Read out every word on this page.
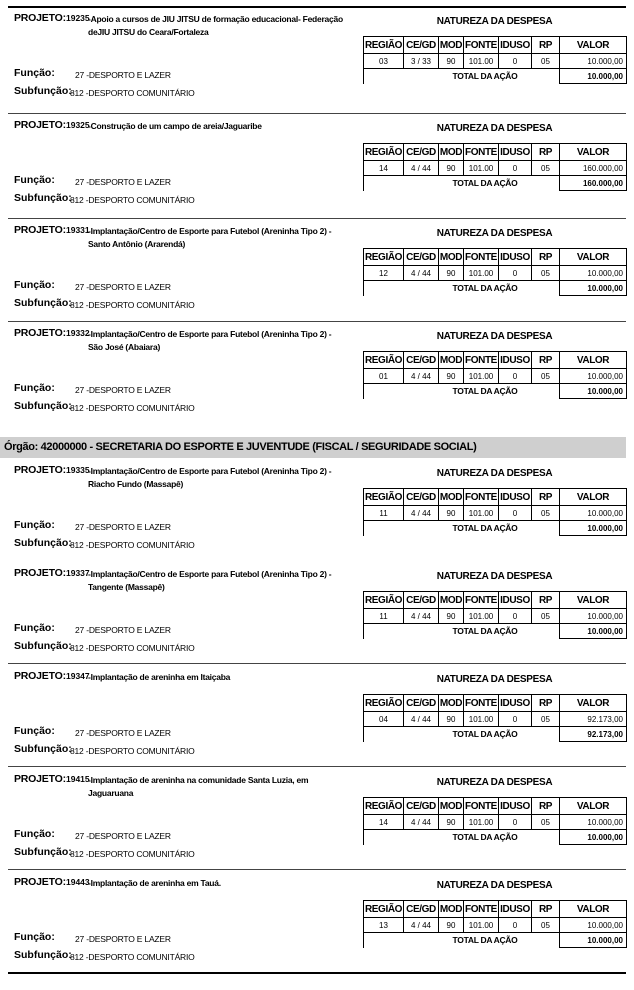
PROJETO: 19235
-Apoio a cursos de JIU JITSU de formação educacional- Federação deJIU JITSU do Ceara/Fortaleza
Função: 27 -DESPORTO E LAZER
Subfunção:
812 -DESPORTO COMUNITÁRIO
NATUREZA DA DESPESA
REGIÃO	CE/GD	MOD	FONTE	IDUSO	RP	VALOR
03	3 / 33	90	101.00	0	05	10.000,00
		TOTAL DA AÇÃO				10.000,00
PROJETO: 19325
-Construção de um campo de areia/Jaguaribe
Função: 27 -DESPORTO E LAZER
Subfunção:
812 -DESPORTO COMUNITÁRIO
NATUREZA DA DESPESA
REGIÃO	CE/GD	MOD	FONTE	IDUSO	RP	VALOR
14	4 / 44	90	101.00	0	05	160.000,00
		TOTAL DA AÇÃO				160.000,00
PROJETO: 19331
-Implantação/Centro de Esporte para Futebol (Areninha Tipo 2) - Santo Antônio (Ararendá)
Função: 27 -DESPORTO E LAZER
Subfunção:
812 -DESPORTO COMUNITÁRIO
NATUREZA DA DESPESA
REGIÃO	CE/GD	MOD	FONTE	IDUSO	RP	VALOR
12	4 / 44	90	101.00	0	05	10.000,00
		TOTAL DA AÇÃO				10.000,00
PROJETO: 19332
-Implantação/Centro de Esporte para Futebol (Areninha Tipo 2) - São José (Abaiara)
Função: 27 -DESPORTO E LAZER
Subfunção:
812 -DESPORTO COMUNITÁRIO
NATUREZA DA DESPESA
REGIÃO	CE/GD	MOD	FONTE	IDUSO	RP	VALOR
01	4 / 44	90	101.00	0	05	10.000,00
		TOTAL DA AÇÃO				10.000,00
PROJETO: 19335
-Implantação/Centro de Esporte para Futebol (Areninha Tipo 2) - Riacho Fundo (Massapê)
Função: 27 -DESPORTO E LAZER
Subfunção:
812 -DESPORTO COMUNITÁRIO
NATUREZA DA DESPESA
REGIÃO	CE/GD	MOD	FONTE	IDUSO	RP	VALOR
11	4 / 44	90	101.00	0	05	10.000,00
		TOTAL DA AÇÃO				10.000,00
PROJETO: 19337
-Implantação/Centro de Esporte para Futebol (Areninha Tipo 2) - Tangente (Massapê)
Função: 27 -DESPORTO E LAZER
Subfunção:
812 -DESPORTO COMUNITÁRIO
NATUREZA DA DESPESA
REGIÃO	CE/GD	MOD	FONTE	IDUSO	RP	VALOR
11	4 / 44	90	101.00	0	05	10.000,00
		TOTAL DA AÇÃO				10.000,00
PROJETO: 19347
-Implantação de areninha em Itaiçaba
Função: 27 -DESPORTO E LAZER
Subfunção:
812 -DESPORTO COMUNITÁRIO
NATUREZA DA DESPESA
REGIÃO	CE/GD	MOD	FONTE	IDUSO	RP	VALOR
04	4 / 44	90	101.00	0	05	92.173,00
		TOTAL DA AÇÃO				92.173,00
PROJETO: 19415
-Implantação de areninha na comunidade Santa Luzia, em Jaguaruana
Função: 27 -DESPORTO E LAZER
Subfunção:
812 -DESPORTO COMUNITÁRIO
NATUREZA DA DESPESA
REGIÃO	CE/GD	MOD	FONTE	IDUSO	RP	VALOR
14	4 / 44	90	101.00	0	05	10.000,00
		TOTAL DA AÇÃO				10.000,00
PROJETO: 19443
-Implantação de areninha em Tauá.
Função: 27 -DESPORTO E LAZER
Subfunção:
812 -DESPORTO COMUNITÁRIO
NATUREZA DA DESPESA
REGIÃO	CE/GD	MOD	FONTE	IDUSO	RP	VALOR
13	4 / 44	90	101.00	0	05	10.000,00
		TOTAL DA AÇÃO				10.000,00
Órgão: 42000000 - SECRETARIA DO ESPORTE E JUVENTUDE (FISCAL / SEGURIDADE SOCIAL)
